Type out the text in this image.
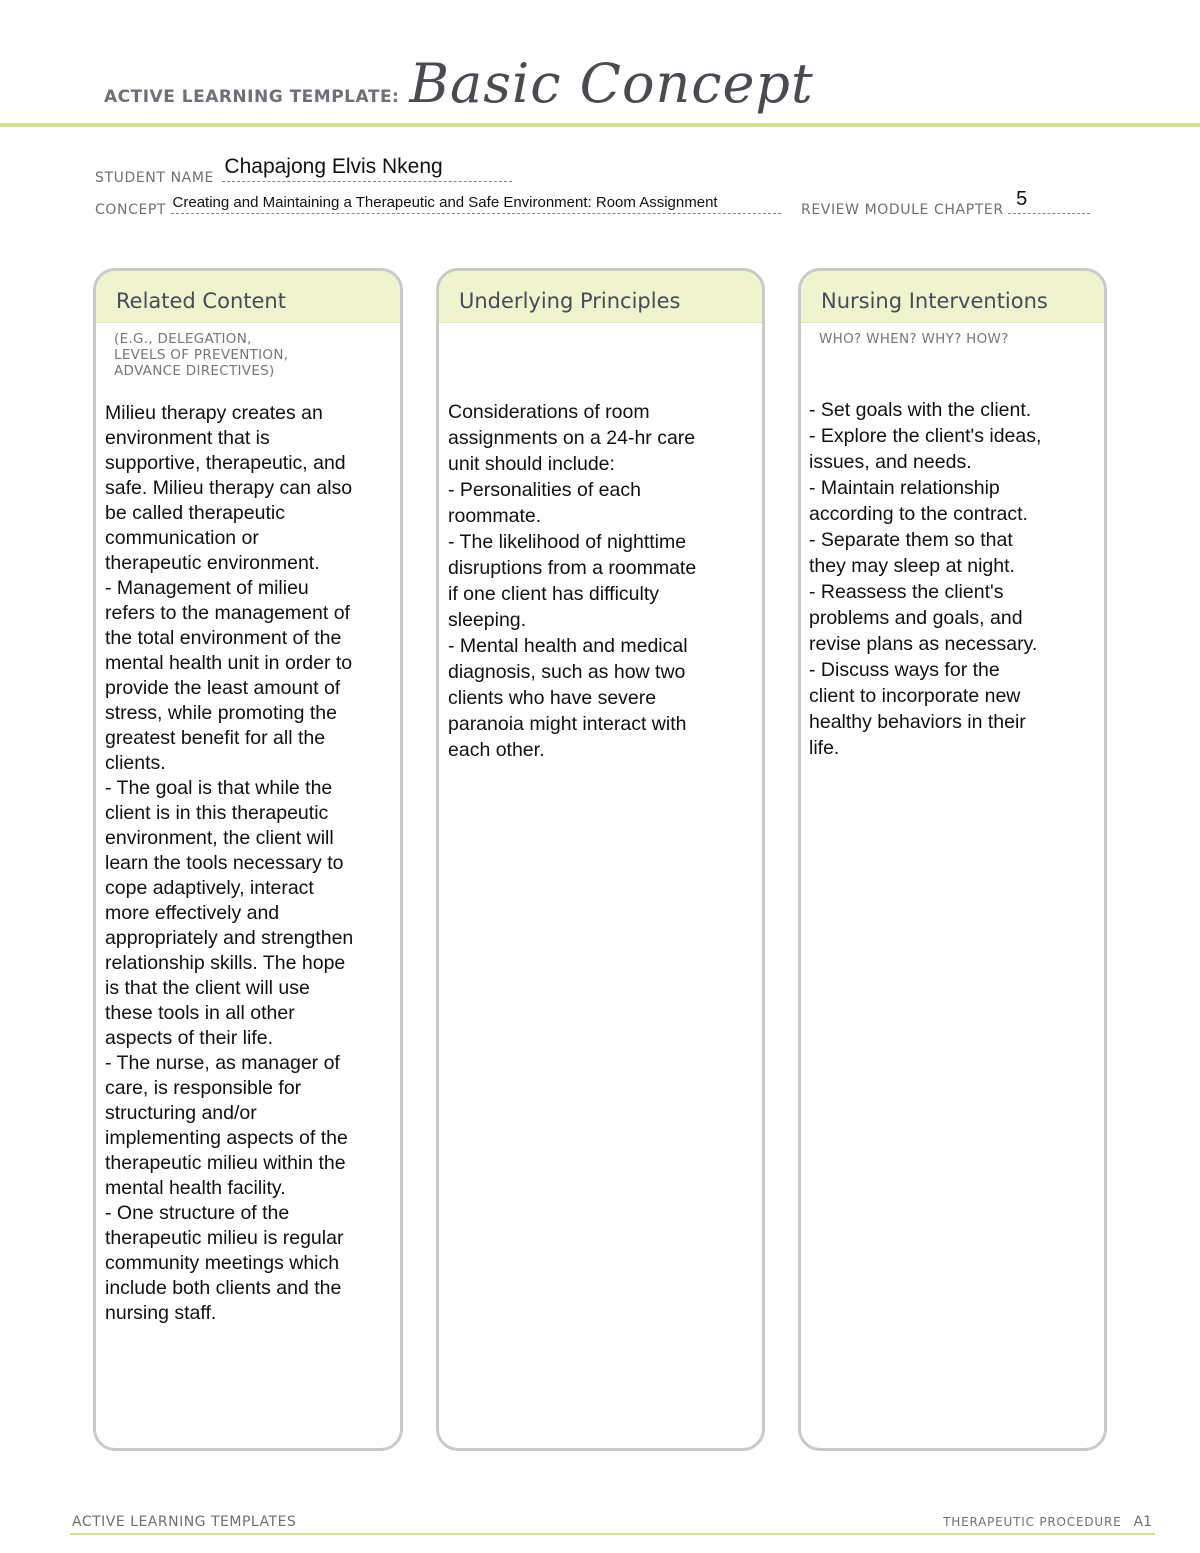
ACTIVE LEARNING TEMPLATE: Basic Concept
STUDENT NAME Chapajong Elvis Nkeng
CONCEPT Creating and Maintaining a Therapeutic and Safe Environment: Room Assignment	REVIEW MODULE CHAPTER 5
Related Content
(E.G., DELEGATION,
LEVELS OF PREVENTION,
ADVANCE DIRECTIVES)
Milieu therapy creates an
environment that is
supportive, therapeutic, and
safe. Milieu therapy can also
be called therapeutic
communication or
therapeutic environment.
- Management of milieu
refers to the management of
the total environment of the
mental health unit in order to
provide the least amount of
stress, while promoting the
greatest benefit for all the
clients.
- The goal is that while the
client is in this therapeutic
environment, the client will
learn the tools necessary to
cope adaptively, interact
more effectively and
appropriately and strengthen
relationship skills. The hope
is that the client will use
these tools in all other
aspects of their life.
- The nurse, as manager of
care, is responsible for
structuring and/or
implementing aspects of the
therapeutic milieu within the
mental health facility.
- One structure of the
therapeutic milieu is regular
community meetings which
include both clients and the
nursing staff.
Underlying Principles
Considerations of room
assignments on a 24-hr care
unit should include:
- Personalities of each
roommate.
- The likelihood of nighttime
disruptions from a roommate
if one client has difficulty
sleeping.
- Mental health and medical
diagnosis, such as how two
clients who have severe
paranoia might interact with
each other.
Nursing Interventions
WHO? WHEN? WHY? HOW?
- Set goals with the client.
- Explore the client's ideas,
issues, and needs.
- Maintain relationship
according to the contract.
- Separate them so that
they may sleep at night.
- Reassess the client's
problems and goals, and
revise plans as necessary.
- Discuss ways for the
client to incorporate new
healthy behaviors in their
life.
ACTIVE LEARNING TEMPLATES	THERAPEUTIC PROCEDURE A1
